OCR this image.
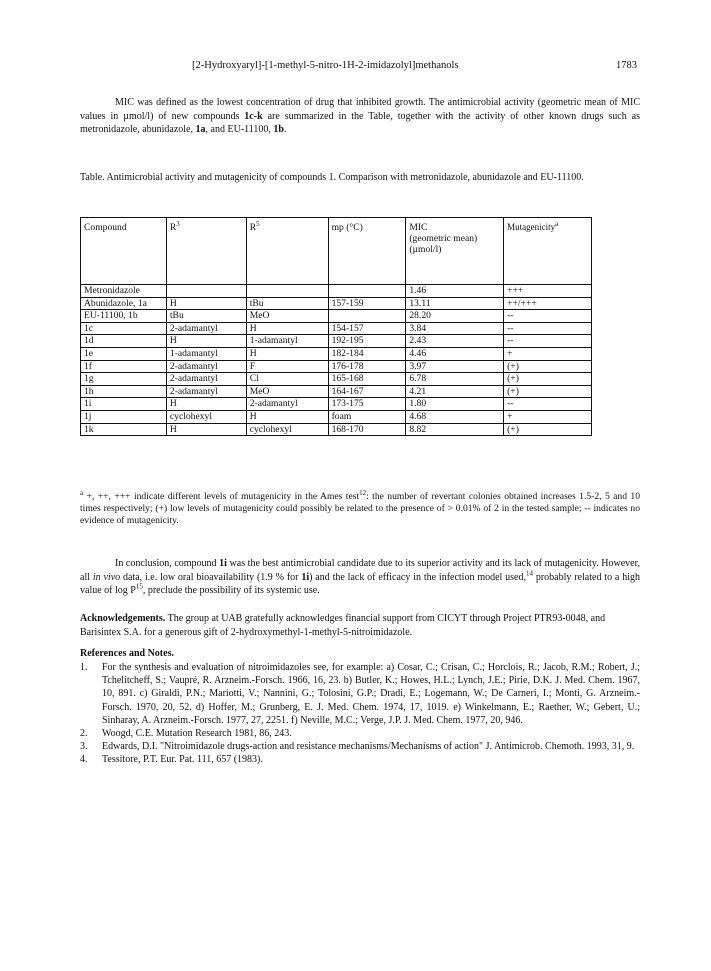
[2-Hydroxyaryl]-[1-methyl-5-nitro-1H-2-imidazolyl]methanols	1783

MIC was defined as the lowest concentration of drug that inhibited growth. The antimicrobial activity (geometric mean of MIC values in µmol/l) of new compounds 1c-k are summarized in the Table, together with the activity of other known drugs such as metronidazole, abunidazole, 1a, and EU-11100, 1b.

Table. Antimicrobial activity and mutagenicity of compounds 1. Comparison with metronidazole, abunidazole and EU-11100.

Compound	$R^3$	$R^5$	mp (°C)	MIC
(geometric mean)
(µmol/l)	Mutagenicity$^a$
Metronidazole				1.46	+++
Abunidazole, 1a	H	tBu	157-159	13.11	++/+++
EU-11100, 1b	tBu	MeO		28.20	--
1c	2-adamantyl	H	154-157	3.84	--
1d	H	1-adamantyl	192-195	2.43	--
1e	1-adamantyl	H	182-184	4.46	+
1f	2-adamantyl	F	176-178	3.97	(+)
1g	2-adamantyl	Cl	165-168	6.78	(+)
1h	2-adamantyl	MeO	164-167	4.21	(+)
1i	H	2-adamantyl	173-175	1.80	--
1j	cyclohexyl	H	foam	4.68	+
1k	H	cyclohexyl	168-170	8.82	(+)
$^a$ +, ++, +++ indicate different levels of mutagenicity in the Ames test$^{12}$: the number of revertant colonies obtained increases 1.5-2, 5 and 10 times respectively; (+) low levels of mutagenicity could possibly be related to the presence of > 0.01% of 2 in the tested sample; -- indicates no evidence of mutagenicity.

In conclusion, compound 1i was the best antimicrobial candidate due to its superior activity and its lack of mutagenicity. However, all in vivo data, i.e. low oral bioavailability (1.9 % for 1i) and the lack of efficacy in the infection model used,$^{14}$ probably related to a high value of $\log P^{15}$, preclude the possibility of its systemic use.

Acknowledgements. The group at UAB gratefully acknowledges financial support from CICYT through Project PTR93-0048, and Barisintex S.A. for a generous gift of 2-hydroxymethyl-1-methyl-5-nitroimidazole.

References and Notes.
1. For the synthesis and evaluation of nitroimidazoles see, for example: a) Cosar, C.; Crisan, C.; Horclois, R.; Jacob, R.M.; Robert, J.; Tchelitcheff, S.; Vaupré, R. Arzneim.-Forsch. 1966, 16, 23. b) Butler, K.; Howes, H.L.; Lynch, J.E.; Pirie, D.K. J. Med. Chem. 1967, 10, 891. c) Giraldi, P.N.; Mariotti, V.; Nannini, G.; Tolosini, G.P.; Dradi, E.; Logemann, W.; De Carneri, I.; Monti, G. Arzneim.-Forsch. 1970, 20, 52. d) Hoffer, M.; Grunberg, E. J. Med. Chem. 1974, 17, 1019. e) Winkelmann, E.; Raether, W.; Gebert, U.; Sinharay, A. Arzneim.-Forsch. 1977, 27, 2251. f) Neville, M.C.; Verge, J.P. J. Med. Chem. 1977, 20, 946.
2. Woogd, C.E. Mutation Research 1981, 86, 243.
3. Edwards, D.I. "Nitroimidazole drugs-action and resistance mechanisms/Mechanisms of action" J. Antimicrob. Chemoth. 1993, 31, 9.
4. Tessitore, P.T. Eur. Pat. 111, 657 (1983).
